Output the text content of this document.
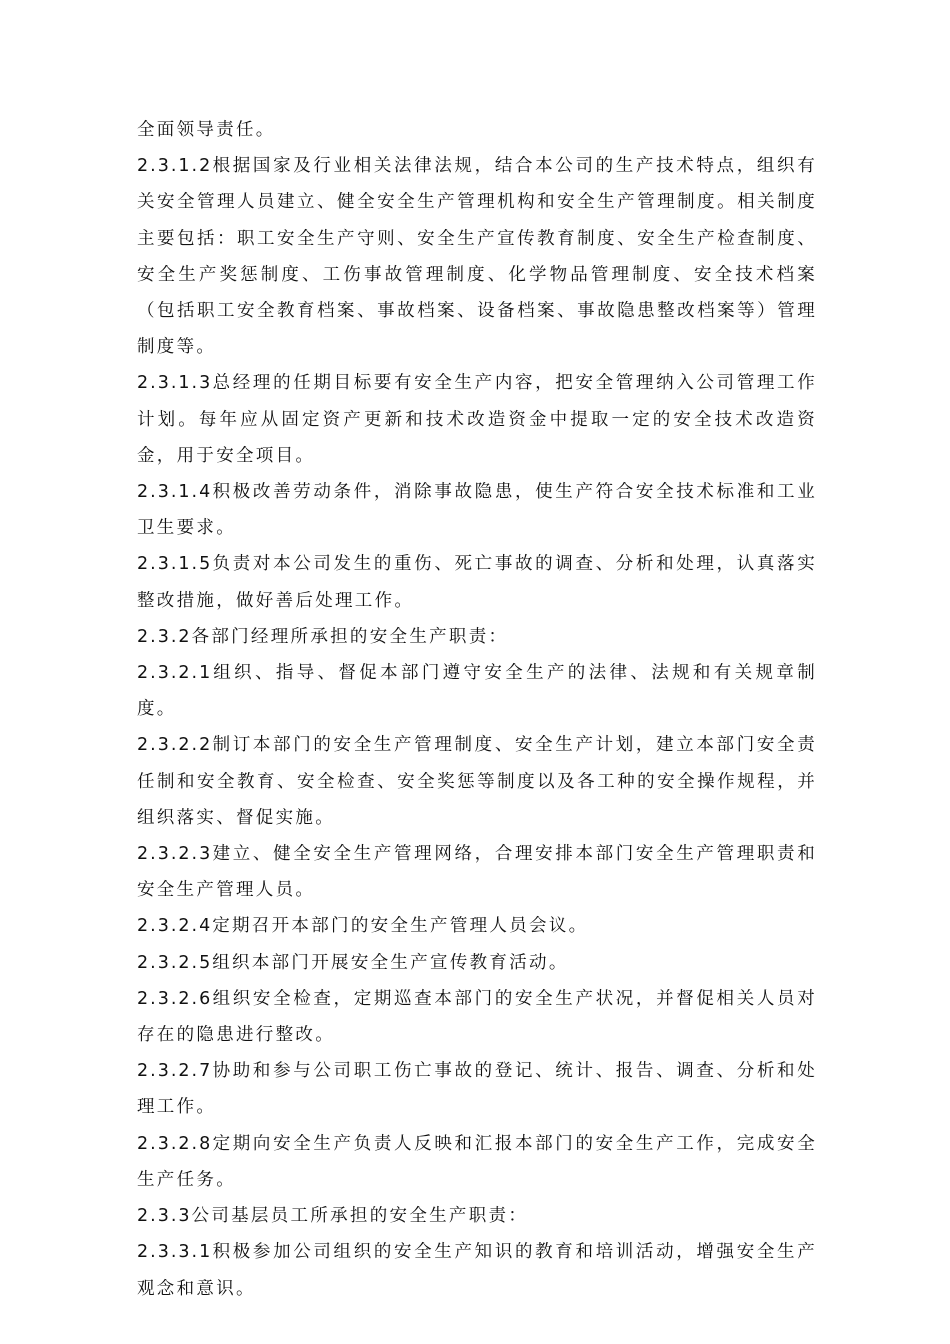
全面领导责任。

2.3.1.2根据国家及行业相关法律法规，结合本公司的生产技术特点，组织有关安全管理人员建立、健全安全生产管理机构和安全生产管理制度。相关制度主要包括：职工安全生产守则、安全生产宣传教育制度、安全生产检查制度、安全生产奖惩制度、工伤事故管理制度、化学物品管理制度、安全技术档案（包括职工安全教育档案、事故档案、设备档案、事故隐患整改档案等）管理制度等。

2.3.1.3总经理的任期目标要有安全生产内容，把安全管理纳入公司管理工作计划。每年应从固定资产更新和技术改造资金中提取一定的安全技术改造资金，用于安全项目。

2.3.1.4积极改善劳动条件，消除事故隐患，使生产符合安全技术标准和工业卫生要求。

2.3.1.5负责对本公司发生的重伤、死亡事故的调查、分析和处理，认真落实整改措施，做好善后处理工作。

2.3.2各部门经理所承担的安全生产职责：

2.3.2.1组织、指导、督促本部门遵守安全生产的法律、法规和有关规章制度。

2.3.2.2制订本部门的安全生产管理制度、安全生产计划，建立本部门安全责任制和安全教育、安全检查、安全奖惩等制度以及各工种的安全操作规程，并组织落实、督促实施。

2.3.2.3建立、健全安全生产管理网络，合理安排本部门安全生产管理职责和安全生产管理人员。

2.3.2.4定期召开本部门的安全生产管理人员会议。

2.3.2.5组织本部门开展安全生产宣传教育活动。

2.3.2.6组织安全检查，定期巡查本部门的安全生产状况，并督促相关人员对存在的隐患进行整改。

2.3.2.7协助和参与公司职工伤亡事故的登记、统计、报告、调查、分析和处理工作。

2.3.2.8定期向安全生产负责人反映和汇报本部门的安全生产工作，完成安全生产任务。

2.3.3公司基层员工所承担的安全生产职责：

2.3.3.1积极参加公司组织的安全生产知识的教育和培训活动，增强安全生产观念和意识。
